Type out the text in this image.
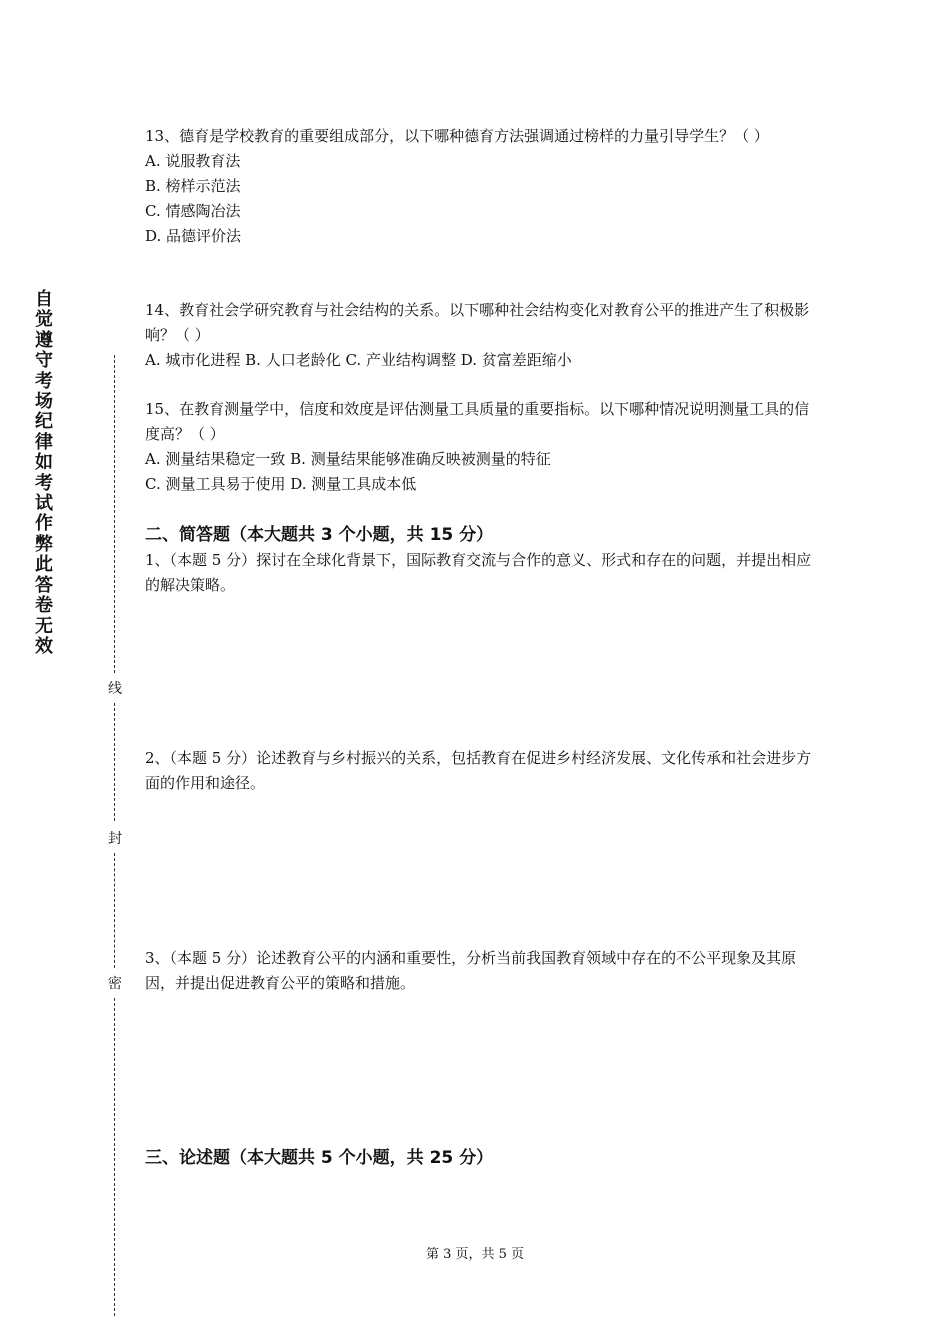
自觉遵守考场纪律如考试作弊此答卷无效
线
封
密
13、德育是学校教育的重要组成部分，以下哪种德育方法强调通过榜样的力量引导学生？（ ）
A. 说服教育法
B. 榜样示范法
C. 情感陶冶法
D. 品德评价法
14、教育社会学研究教育与社会结构的关系。以下哪种社会结构变化对教育公平的推进产生了积极影响？（ ）
A. 城市化进程 B. 人口老龄化 C. 产业结构调整 D. 贫富差距缩小
15、在教育测量学中，信度和效度是评估测量工具质量的重要指标。以下哪种情况说明测量工具的信度高？（ ）
A. 测量结果稳定一致 B. 测量结果能够准确反映被测量的特征
C. 测量工具易于使用 D. 测量工具成本低
二、简答题（本大题共 3 个小题，共 15 分）
1、（本题 5 分）探讨在全球化背景下，国际教育交流与合作的意义、形式和存在的问题，并提出相应的解决策略。
2、（本题 5 分）论述教育与乡村振兴的关系，包括教育在促进乡村经济发展、文化传承和社会进步方面的作用和途径。
3、（本题 5 分）论述教育公平的内涵和重要性，分析当前我国教育领域中存在的不公平现象及其原因，并提出促进教育公平的策略和措施。
三、论述题（本大题共 5 个小题，共 25 分）
第 3 页，共 5 页
